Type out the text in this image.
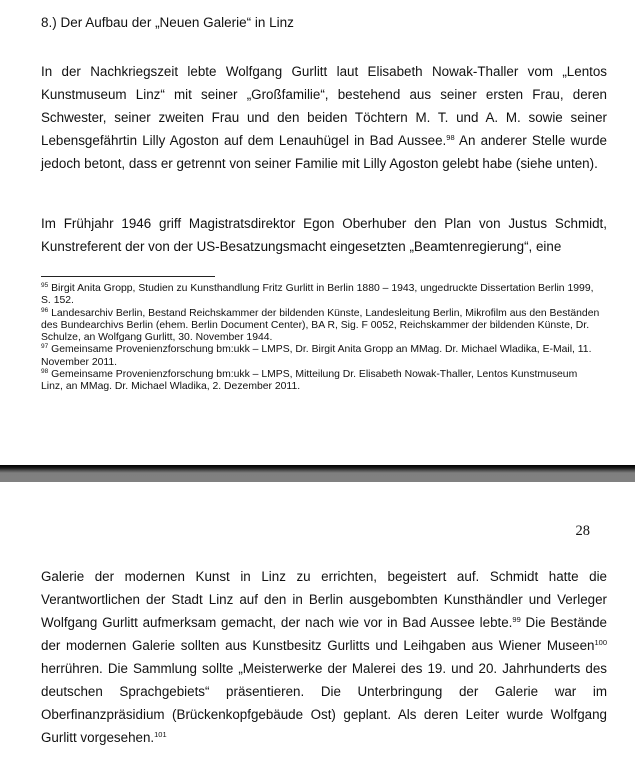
8.) Der Aufbau der „Neuen Galerie“ in Linz
In der Nachkriegszeit lebte Wolfgang Gurlitt laut Elisabeth Nowak-Thaller vom „Lentos Kunstmuseum Linz“ mit seiner „Großfamilie“, bestehend aus seiner ersten Frau, deren Schwester, seiner zweiten Frau und den beiden Töchtern M. T. und A. M. sowie seiner Lebensgefährtin Lilly Agoston auf dem Lenauhügel in Bad Aussee.$^{98}$ An anderer Stelle wurde jedoch betont, dass er getrennt von seiner Familie mit Lilly Agoston gelebt habe (siehe unten).
Im Frühjahr 1946 griff Magistratsdirektor Egon Oberhuber den Plan von Justus Schmidt, Kunstreferent der von der US-Besatzungsmacht eingesetzten „Beamtenregierung“, eine

$^{95}$ Birgit Anita Gropp, Studien zu Kunsthandlung Fritz Gurlitt in Berlin 1880 – 1943, ungedruckte Dissertation Berlin 1999, S. 152.

$^{96}$ Landesarchiv Berlin, Bestand Reichskammer der bildenden Künste, Landesleitung Berlin, Mikrofilm aus den Beständen des Bundearchivs Berlin (ehem. Berlin Document Center), BA R, Sig. F 0052, Reichskammer der bildenden Künste, Dr. Schulze, an Wolfgang Gurlitt, 30. November 1944.

$^{97}$ Gemeinsame Provenienzforschung bm:ukk – LMPS, Dr. Birgit Anita Gropp an MMag. Dr. Michael Wladika, E-Mail, 11. November 2011.

$^{98}$ Gemeinsame Provenienzforschung bm:ukk – LMPS, Mitteilung Dr. Elisabeth Nowak-Thaller, Lentos Kunstmuseum Linz, an MMag. Dr. Michael Wladika, 2. Dezember 2011.

28
Galerie der modernen Kunst in Linz zu errichten, begeistert auf. Schmidt hatte die Verantwortlichen der Stadt Linz auf den in Berlin ausgebombten Kunsthändler und Verleger Wolfgang Gurlitt aufmerksam gemacht, der nach wie vor in Bad Aussee lebte.$^{99}$ Die Bestände der modernen Galerie sollten aus Kunstbesitz Gurlitts und Leihgaben aus Wiener Museen$^{100}$ herrühren. Die Sammlung sollte „Meisterwerke der Malerei des 19. und 20. Jahrhunderts des deutschen Sprachgebiets“ präsentieren. Die Unterbringung der Galerie war im Oberfinanzpräsidium (Brückenkopfgebäude Ost) geplant. Als deren Leiter wurde Wolfgang Gurlitt vorgesehen.$^{101}$
